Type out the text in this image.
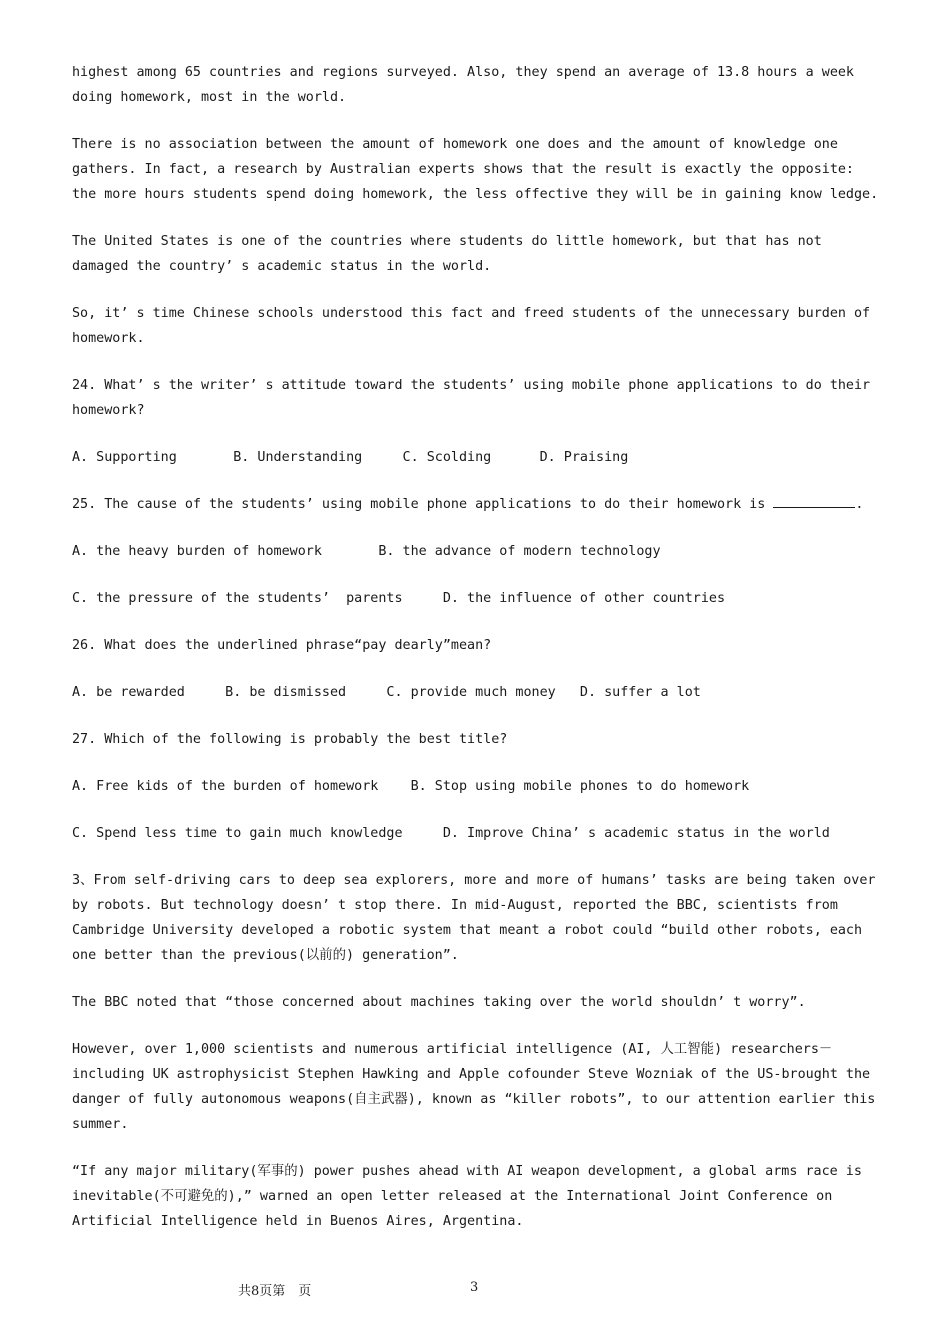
highest among 65 countries and regions surveyed. Also, they spend an average of 13.8 hours a week doing homework, most in the world.

There is no association between the amount of homework one does and the amount of knowledge one gathers. In fact, a research by Australian experts shows that the result is exactly the opposite: the more hours students spend doing homework, the less offective they will be in gaining know ledge.

The United States is one of the countries where students do little homework, but that has not damaged the country’ s academic status in the world.

So, it’ s time Chinese schools understood this fact and freed students of the unnecessary burden of homework.

24. What’ s the writer’ s attitude toward the students’ using mobile phone applications to do their homework?

A. Supporting       B. Understanding     C. Scolding      D. Praising

25. The cause of the students’ using mobile phone applications to do their homework is	.

A. the heavy burden of homework       B. the advance of modern technology

C. the pressure of the students’  parents     D. the influence of other countries

26. What does the underlined phrase“pay dearly”mean?

A. be rewarded     B. be dismissed     C. provide much money   D. suffer a lot

27. Which of the following is probably the best title?

A. Free kids of the burden of homework    B. Stop using mobile phones to do homework

C. Spend less time to gain much knowledge     D. Improve China’ s academic status in the world

3、From self-driving cars to deep sea explorers, more and more of humans’ tasks are being taken over by robots. But technology doesn’ t stop there. In mid-August, reported the BBC, scientists from Cambridge University developed a robotic system that meant a robot could “build other robots, each one better than the previous(以前的) generation”.

The BBC noted that “those concerned about machines taking over the world shouldn’ t worry”.

However, over 1,000 scientists and numerous artificial intelligence (AI, 人工智能) researchers－including UK astrophysicist Stephen Hawking and Apple cofounder Steve Wozniak of the US-brought the danger of fully autonomous weapons(自主武器), known as “killer robots”, to our attention earlier this summer.

“If any major military(军事的) power pushes ahead with AI weapon development, a global arms race is inevitable(不可避免的),” warned an open letter released at the International Joint Conference on Artificial Intelligence held in Buenos Aires, Argentina.

共8页第　页	3
